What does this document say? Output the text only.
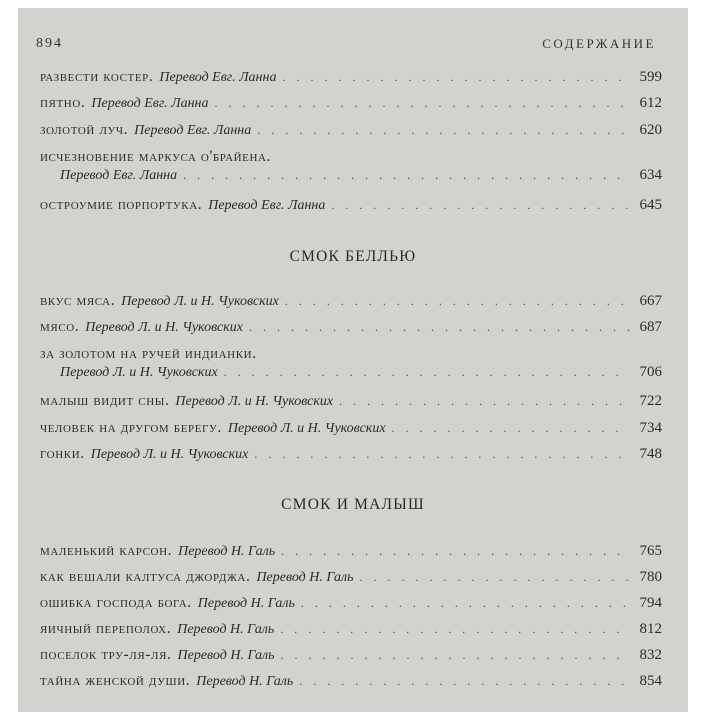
894	СОДЕРЖАНИЕ
развести костер. Перевод Евг. Ланна . . .	599
пятно. Перевод Евг. Ланна . . .	612
золотой луч. Перевод Евг. Ланна . . .	620
исчезновение маркуса о'брайена.
Перевод Евг. Ланна . . .	634
остроумие порпортука. Перевод Евг. Ланна . . .	645
СМОК БЕЛЛЬЮ
вкус мяса. Перевод Л. и Н. Чуковских . . .	667
мясо. Перевод Л. и Н. Чуковских . . .	687
за золотом на ручей индианки.
Перевод Л. и Н. Чуковских . . .	706
малыш видит сны. Перевод Л. и Н. Чуковских . . .	722
человек на другом берегу. Перевод Л. и Н. Чуковских . . .	734
гонки. Перевод Л. и Н. Чуковских . . .	748
СМОК И МАЛЫШ
маленький карсон. Перевод Н. Галь . . .	765
как вешали калтуса джорджа. Перевод Н. Галь . . .	780
ошибка господа бога. Перевод Н. Галь . . .	794
яичный переполох. Перевод Н. Галь . . .	812
поселок тру-ля-ля. Перевод Н. Галь . . .	832
тайна женской души. Перевод Н. Галь . . .	854
